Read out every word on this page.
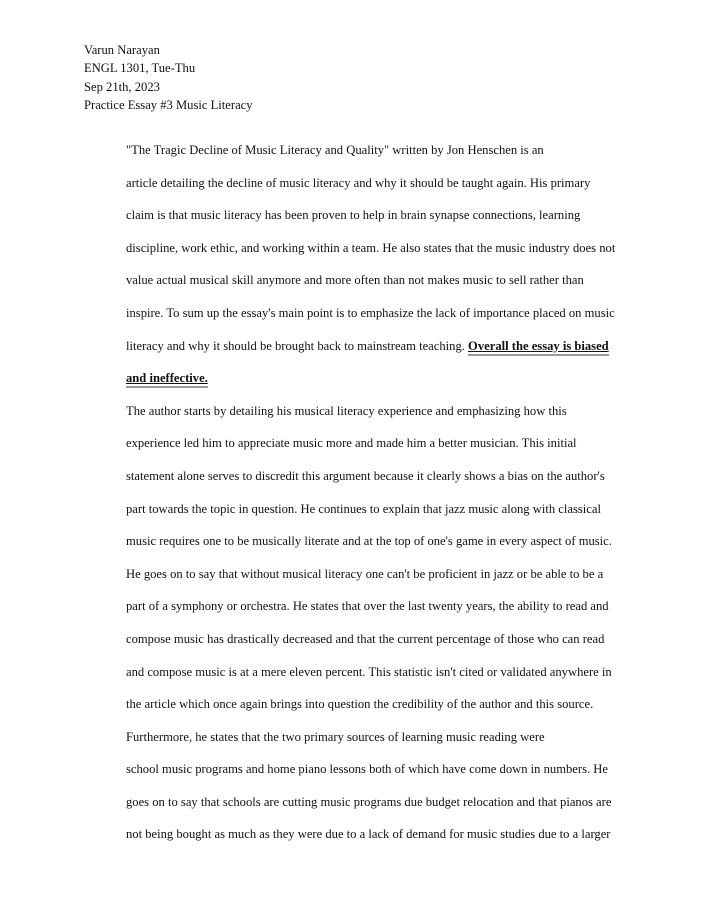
Varun Narayan
ENGL 1301, Tue-Thu
Sep 21th, 2023
Practice Essay #3 Music Literacy

"The Tragic Decline of Music Literacy and Quality" written by Jon Henschen is an
article detailing the decline of music literacy and why it should be taught again. His primary
claim is that music literacy has been proven to help in brain synapse connections, learning
discipline, work ethic, and working within a team. He also states that the music industry does not
value actual musical skill anymore and more often than not makes music to sell rather than
inspire. To sum up the essay's main point is to emphasize the lack of importance placed on music
literacy and why it should be brought back to mainstream teaching. Overall the essay is biased
and ineffective.

The author starts by detailing his musical literacy experience and emphasizing how this
experience led him to appreciate music more and made him a better musician. This initial
statement alone serves to discredit this argument because it clearly shows a bias on the author's
part towards the topic in question. He continues to explain that jazz music along with classical
music requires one to be musically literate and at the top of one's game in every aspect of music.
He goes on to say that without musical literacy one can't be proficient in jazz or be able to be a
part of a symphony or orchestra. He states that over the last twenty years, the ability to read and
compose music has drastically decreased and that the current percentage of those who can read
and compose music is at a mere eleven percent. This statistic isn't cited or validated anywhere in
the article which once again brings into question the credibility of the author and this source.

Furthermore, he states that the two primary sources of learning music reading were
school music programs and home piano lessons both of which have come down in numbers. He
goes on to say that schools are cutting music programs due budget relocation and that pianos are
not being bought as much as they were due to a lack of demand for music studies due to a larger
